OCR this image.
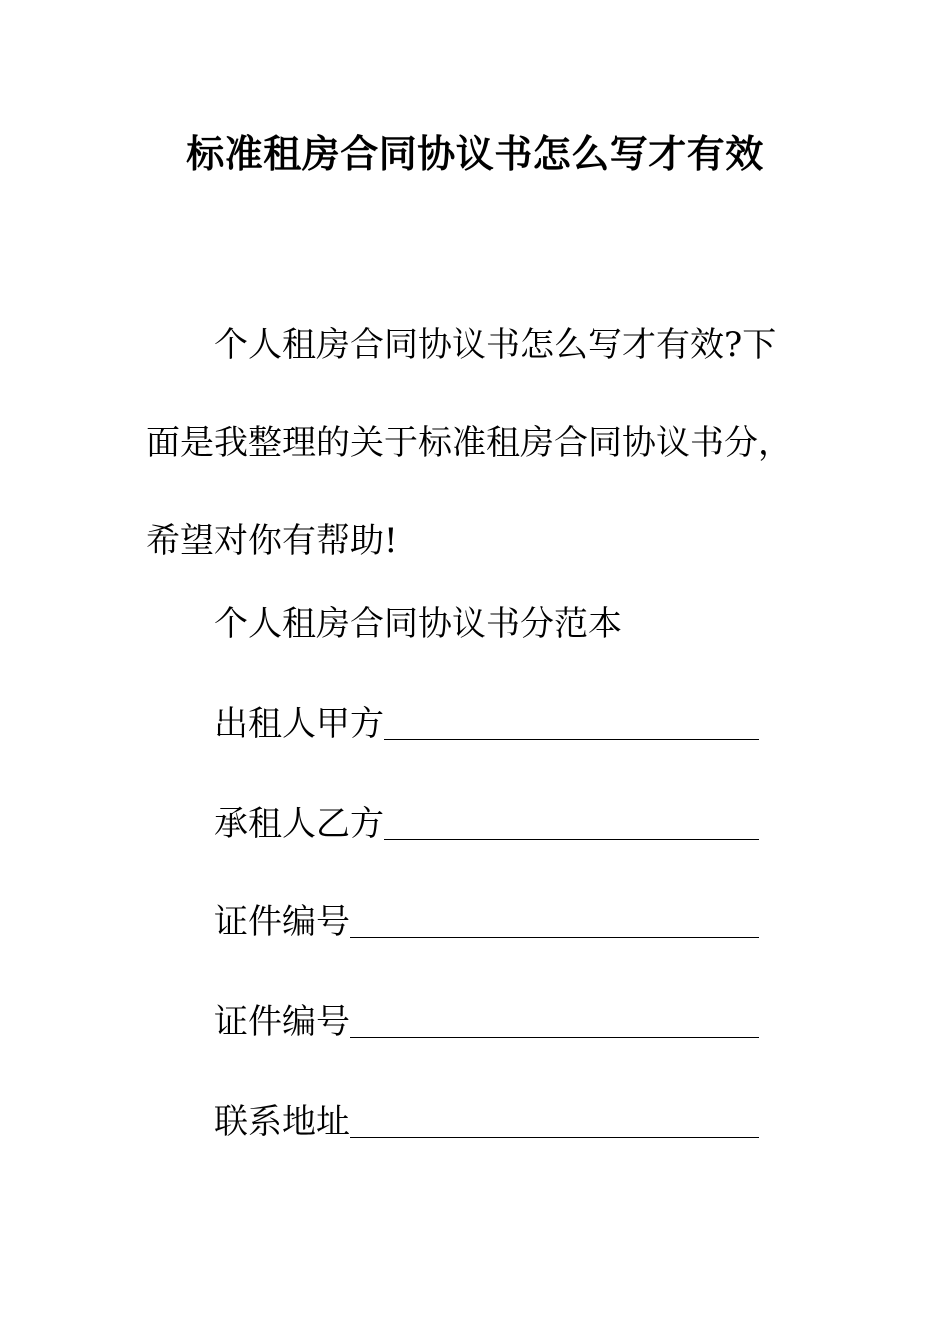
标准租房合同协议书怎么写才有效
个人租房合同协议书怎么写才有效?下面是我整理的关于标准租房合同协议书分，希望对你有帮助!
个人租房合同协议书分范本
出租人甲方
承租人乙方
证件编号
证件编号
联系地址
